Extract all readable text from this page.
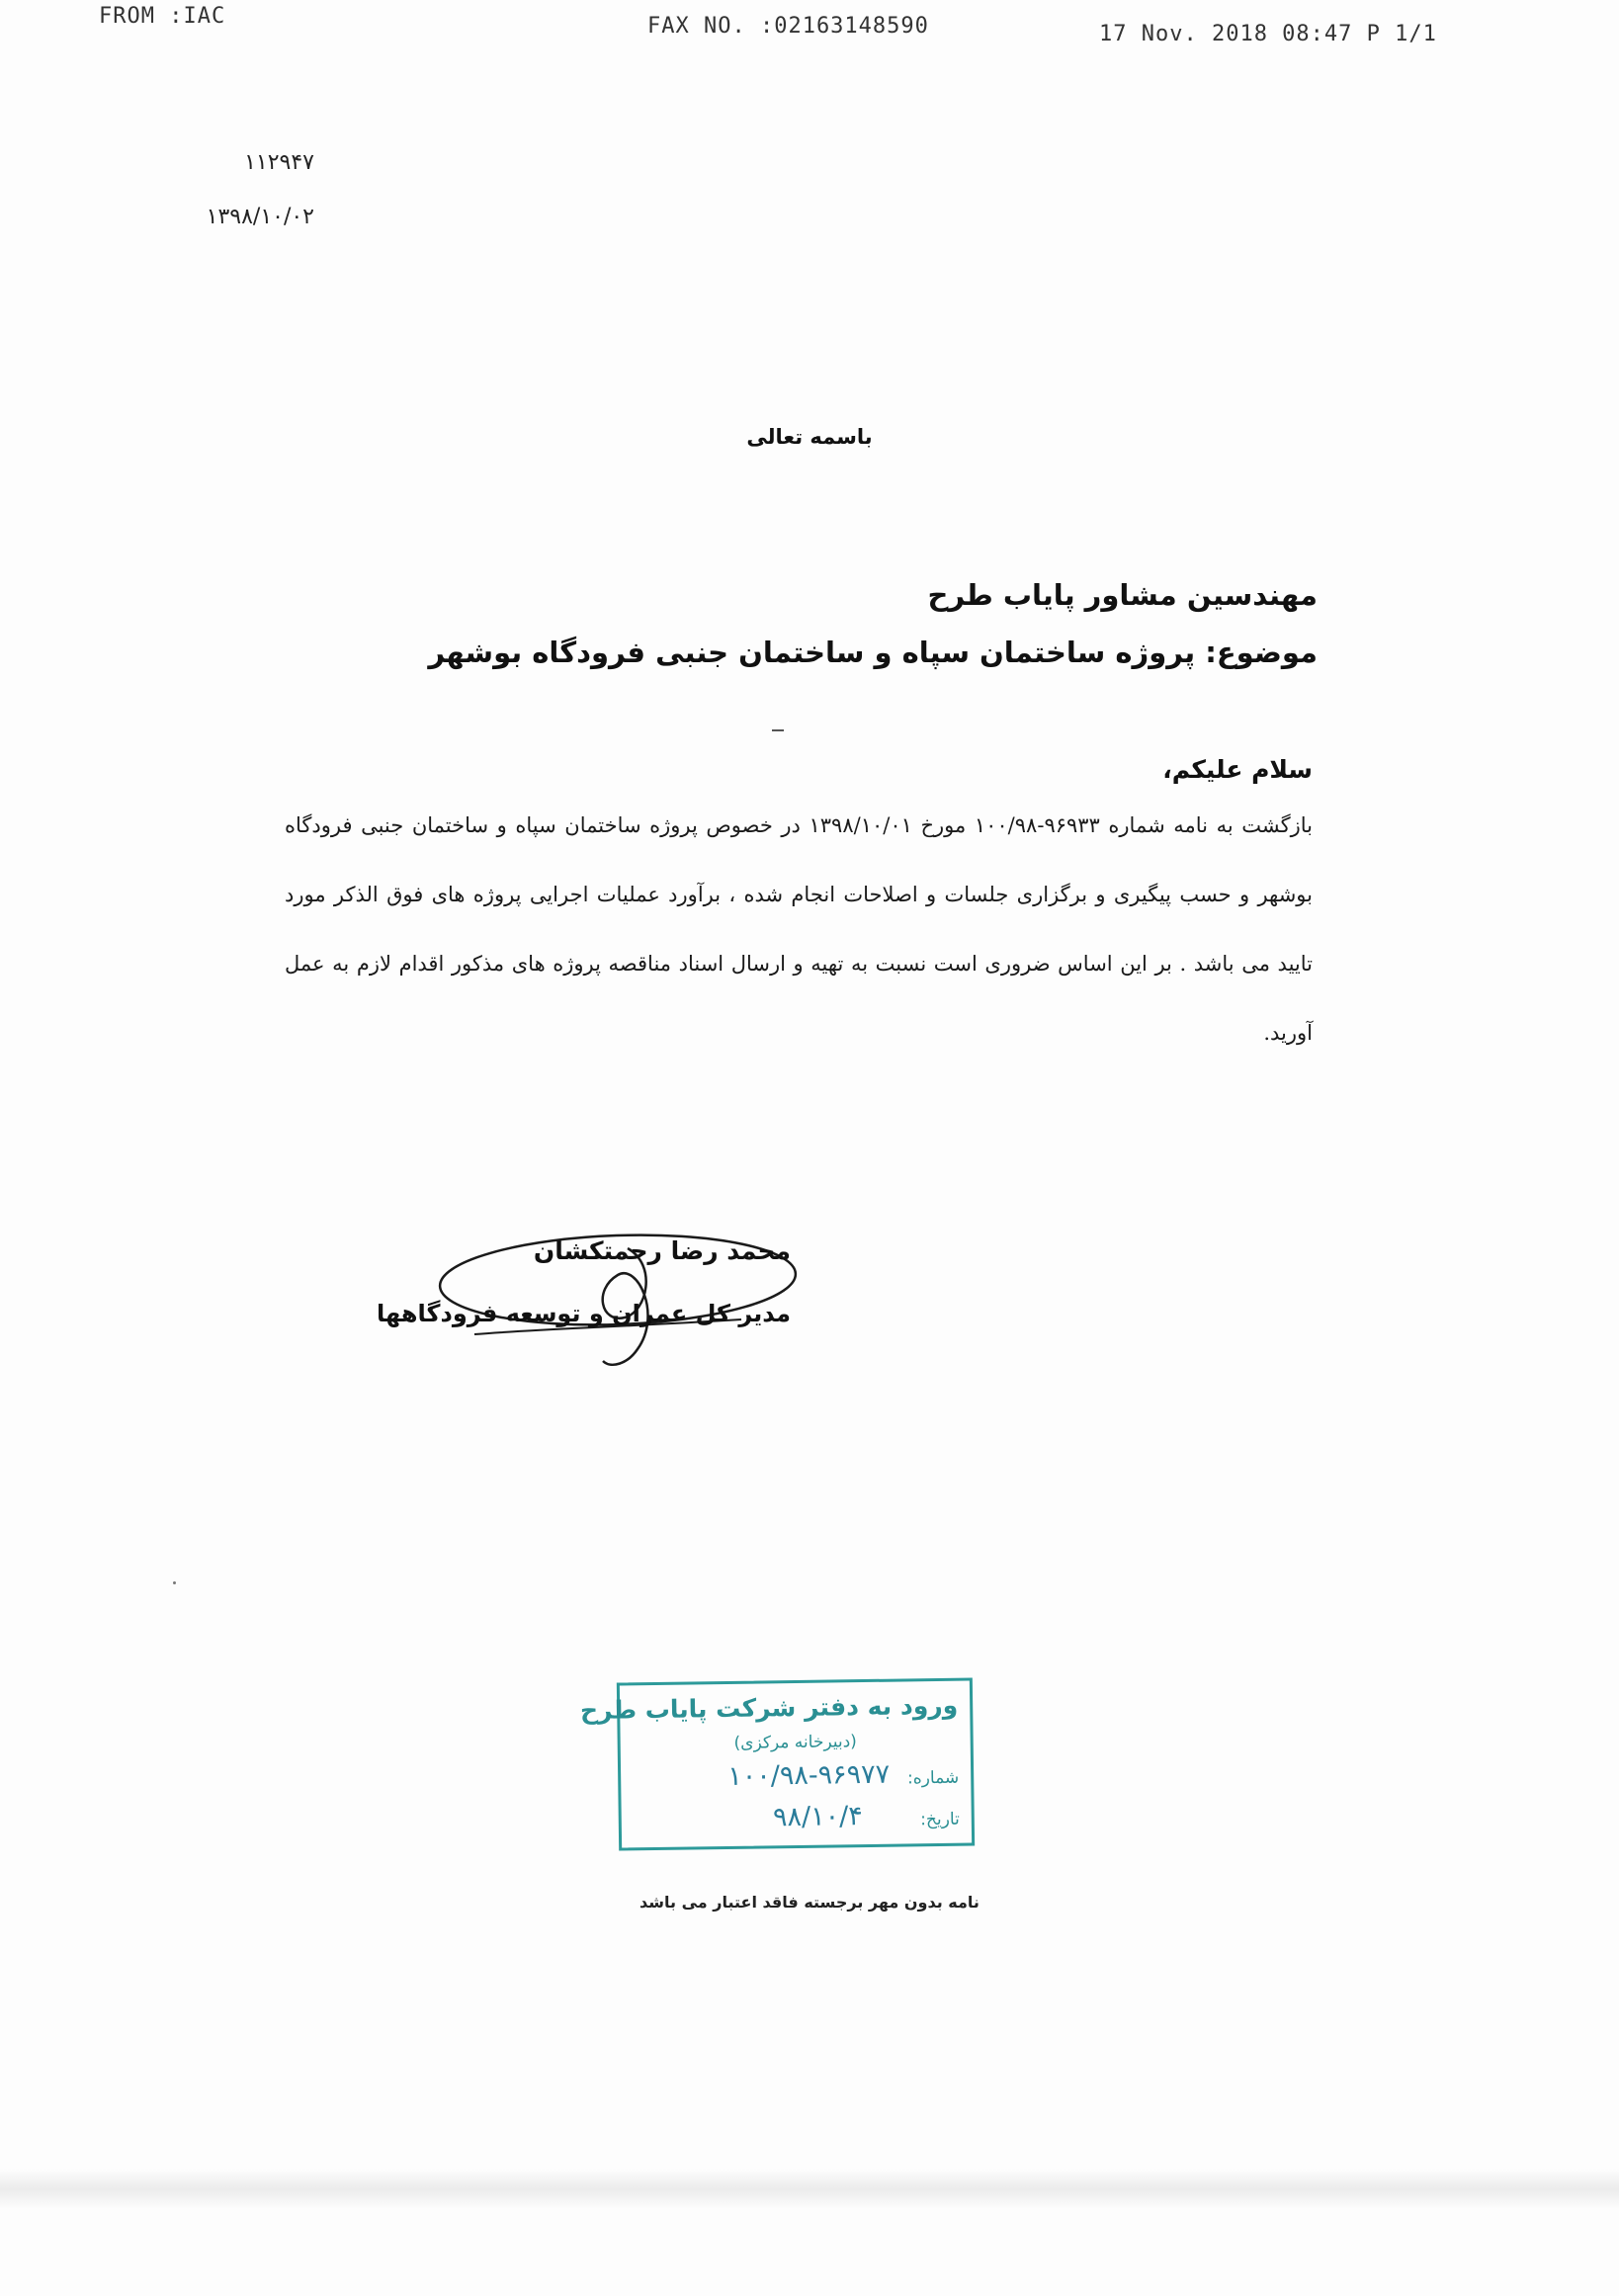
FROM :IAC	FAX NO. :02163148590	17 Nov. 2018 08:47 P 1/1
۱۱۲۹۴۷
۱۳۹۸/۱۰/۰۲
باسمه تعالی
مهندسین مشاور پایاب طرح
موضوع: پروژه ساختمان سپاه و ساختمان جنبی فرودگاه بوشهر
سلام علیکم،
بازگشت به نامه شماره ۹۶۹۳۳-۱۰۰/۹۸ مورخ ۱۳۹۸/۱۰/۰۱ در خصوص پروژه ساختمان سپاه و ساختمان جنبی فرودگاه بوشهر و حسب پیگیری و برگزاری جلسات و اصلاحات انجام شده ، برآورد عملیات اجرایی پروژه های فوق الذکر مورد تایید می باشد . بر این اساس ضروری است نسبت به تهیه و ارسال اسناد مناقصه پروژه های مذکور اقدام لازم به عمل آورید.
محمد رضا رحمتکشان
مدیر کل عمران و توسعه فرودگاهها
ورود به دفتر شرکت پایاب طرح
(دبیرخانه مرکزی)
شماره:
۱۰۰/۹۸-۹۶۹۷۷
تاریخ:
۹۸/۱۰/۴
نامه بدون مهر برجسته فاقد اعتبار می باشد
